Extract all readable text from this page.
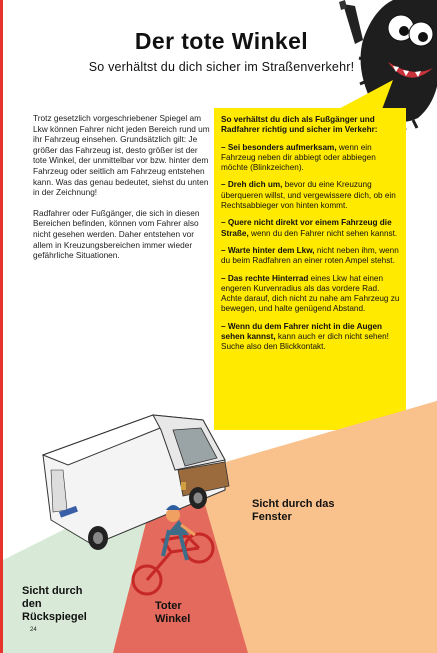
Der tote Winkel
So verhältst du dich sicher im Straßenverkehr!

Trotz gesetzlich vorgeschriebener Spiegel am Lkw können Fahrer nicht jeden Bereich rund um ihr Fahrzeug einsehen. Grundsätzlich gilt: Je größer das Fahrzeug ist, desto größer ist der tote Winkel, der unmittelbar vor bzw. hinter dem Fahrzeug oder seitlich am Fahrzeug entstehen kann. Was das genau bedeutet, siehst du unten in der Zeichnung!

Radfahrer oder Fußgänger, die sich in diesen Bereichen befinden, können vom Fahrer also nicht gesehen werden. Daher entstehen vor allem in Kreuzungsbereichen immer wieder gefährliche Situationen.

So verhältst du dich als Fußgänger und Radfahrer richtig und sicher im Verkehr:
– Sei besonders aufmerksam, wenn ein Fahrzeug neben dir abbiegt oder abbiegen möchte (Blinkzeichen).
– Dreh dich um, bevor du eine Kreuzung überqueren willst, und vergewissere dich, ob ein Rechtsabbieger von hinten kommt.
– Quere nicht direkt vor einem Fahrzeug die Straße, wenn du den Fahrer nicht sehen kannst.
– Warte hinter dem Lkw, nicht neben ihm, wenn du beim Radfahren an einer roten Ampel stehst.
– Das rechte Hinterrad eines Lkw hat einen engeren Kurvenradius als das vordere Rad. Achte darauf, dich nicht zu nahe am Fahrzeug zu bewegen, und halte genügend Abstand.
– Wenn du dem Fahrer nicht in die Augen sehen kannst, kann auch er dich nicht sehen! Suche also den Blickkontakt.
Sicht durch das Fenster
Sicht durch den Rückspiegel
Toter Winkel
24
